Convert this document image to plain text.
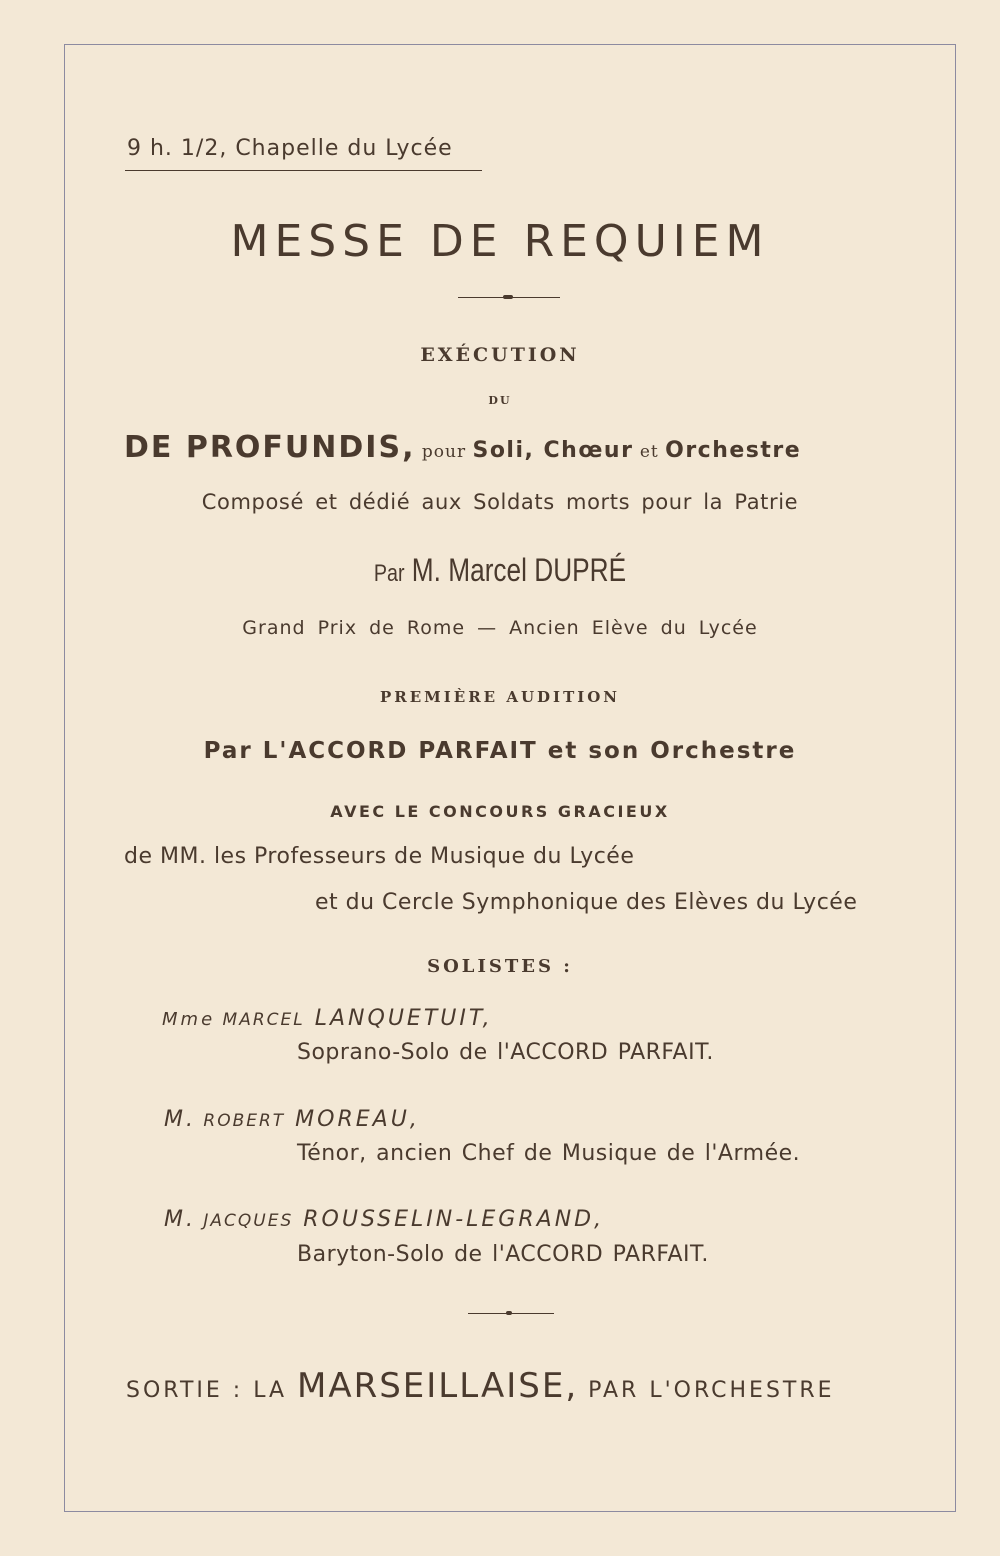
9 h. 1/2, Chapelle du Lycée
MESSE DE REQUIEM
EXÉCUTION
DU
DE PROFUNDIS, pour Soli, Chœur et Orchestre
Composé et dédié aux Soldats morts pour la Patrie
Par M. Marcel DUPRÉ
Grand Prix de Rome — Ancien Elève du Lycée
PREMIÈRE AUDITION
Par L'ACCORD PARFAIT et son Orchestre
AVEC LE CONCOURS GRACIEUX
de MM. les Professeurs de Musique du Lycée
et du Cercle Symphonique des Elèves du Lycée
SOLISTES :
Mme MARCEL LANQUETUIT,
Soprano-Solo de l'ACCORD PARFAIT.
M. ROBERT MOREAU,
Ténor, ancien Chef de Musique de l'Armée.
M. JACQUES ROUSSELIN-LEGRAND,
Baryton-Solo de l'ACCORD PARFAIT.
SORTIE : LA MARSEILLAISE, PAR L'ORCHESTRE
